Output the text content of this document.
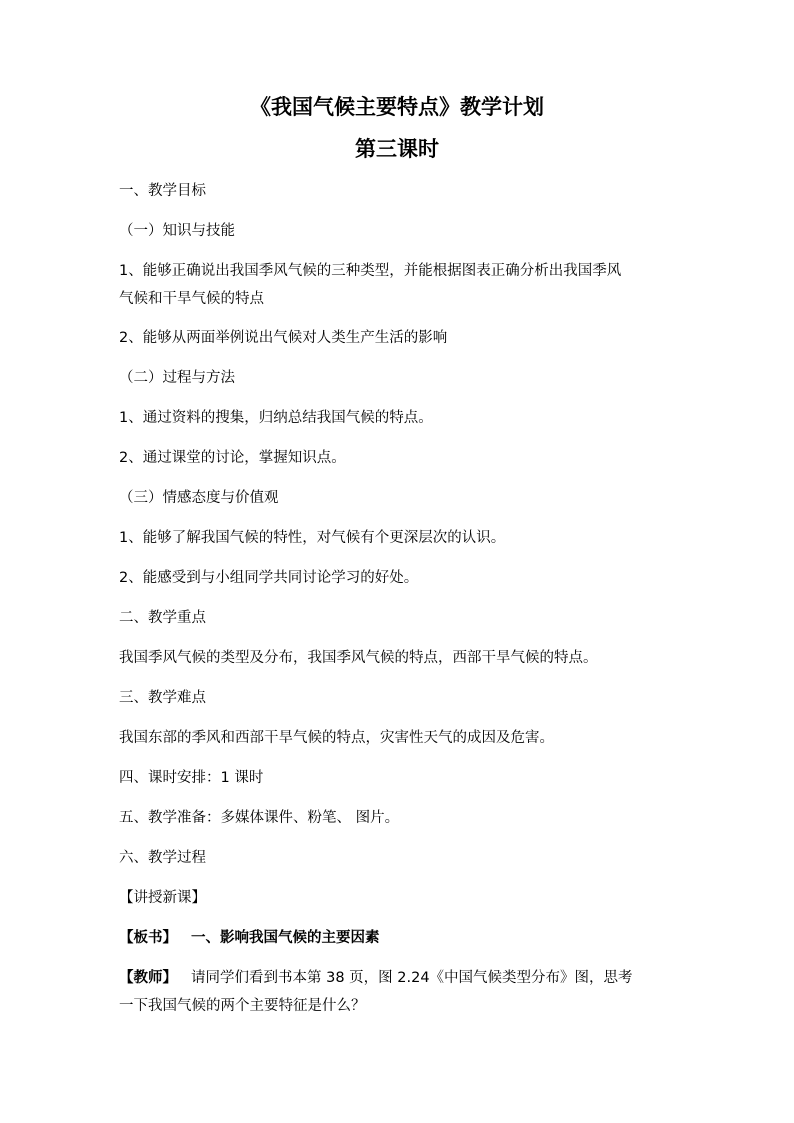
《我国气候主要特点》教学计划
第三课时

一、教学目标

（一）知识与技能

1、能够正确说出我国季风气候的三种类型，并能根据图表正确分析出我国季风

气候和干旱气候的特点

2、能够从两面举例说出气候对人类生产生活的影响

（二）过程与方法

1、通过资料的搜集，归纳总结我国气候的特点。

2、通过课堂的讨论，掌握知识点。

（三）情感态度与价值观

1、能够了解我国气候的特性，对气候有个更深层次的认识。

2、能感受到与小组同学共同讨论学习的好处。

二、教学重点

我国季风气候的类型及分布，我国季风气候的特点，西部干旱气候的特点。

三、教学难点

我国东部的季风和西部干旱气候的特点，灾害性天气的成因及危害。

四、课时安排：1 课时

五、教学准备：多媒体课件、粉笔、 图片。

六、教学过程

【讲授新课】

【板书】 一、影响我国气候的主要因素

【教师】 请同学们看到书本第 38 页，图 2.24《中国气候类型分布》图，思考

一下我国气候的两个主要特征是什么？
